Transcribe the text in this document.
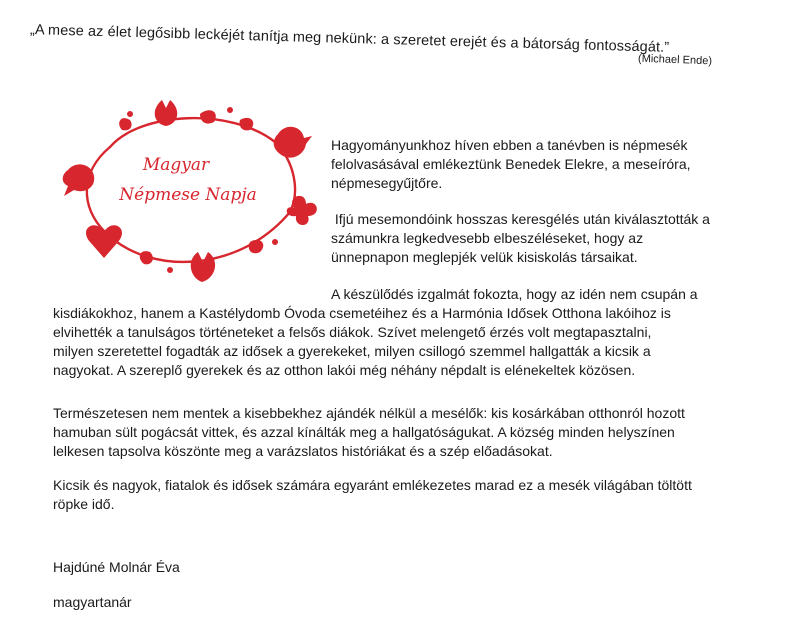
„A mese az élet legősibb leckéjét tanítja meg nekünk: a szeretet erejét és a bátorság fontosságát.”
(Michael Ende)
Magyar
Népmese Napja

Hagyományunkhoz híven ebben a tanévben is népmesék
felolvasásával emlékeztünk Benedek Elekre, a meseíróra,
népmesegyűjtőre.

Ifjú mesemondóink hosszas keresgélés után kiválasztották a
számunkra legkedvesebb elbeszéléseket, hogy az
ünnepnapon meglepjék velük kisiskolás társaikat.

A készülődés izgalmát fokozta, hogy az idén nem csupán a

kisdiákokhoz, hanem a Kastélydomb Óvoda csemetéihez és a Harmónia Idősek Otthona lakóihoz is
elvihették a tanulságos történeteket a felsős diákok. Szívet melengető érzés volt megtapasztalni,
milyen szeretettel fogadták az idősek a gyerekeket, milyen csillogó szemmel hallgatták a kicsik a
nagyokat. A szereplő gyerekek és az otthon lakói még néhány népdalt is elénekeltek közösen.

Természetesen nem mentek a kisebbekhez ajándék nélkül a mesélők: kis kosárkában otthonról hozott
hamuban sült pogácsát vittek, és azzal kínálták meg a hallgatóságukat. A község minden helyszínen
lelkesen tapsolva köszönte meg a varázslatos históriákat és a szép előadásokat.

Kicsik és nagyok, fiatalok és idősek számára egyaránt emlékezetes marad ez a mesék világában töltött
röpke idő.

Hajdúné Molnár Éva

magyartanár
